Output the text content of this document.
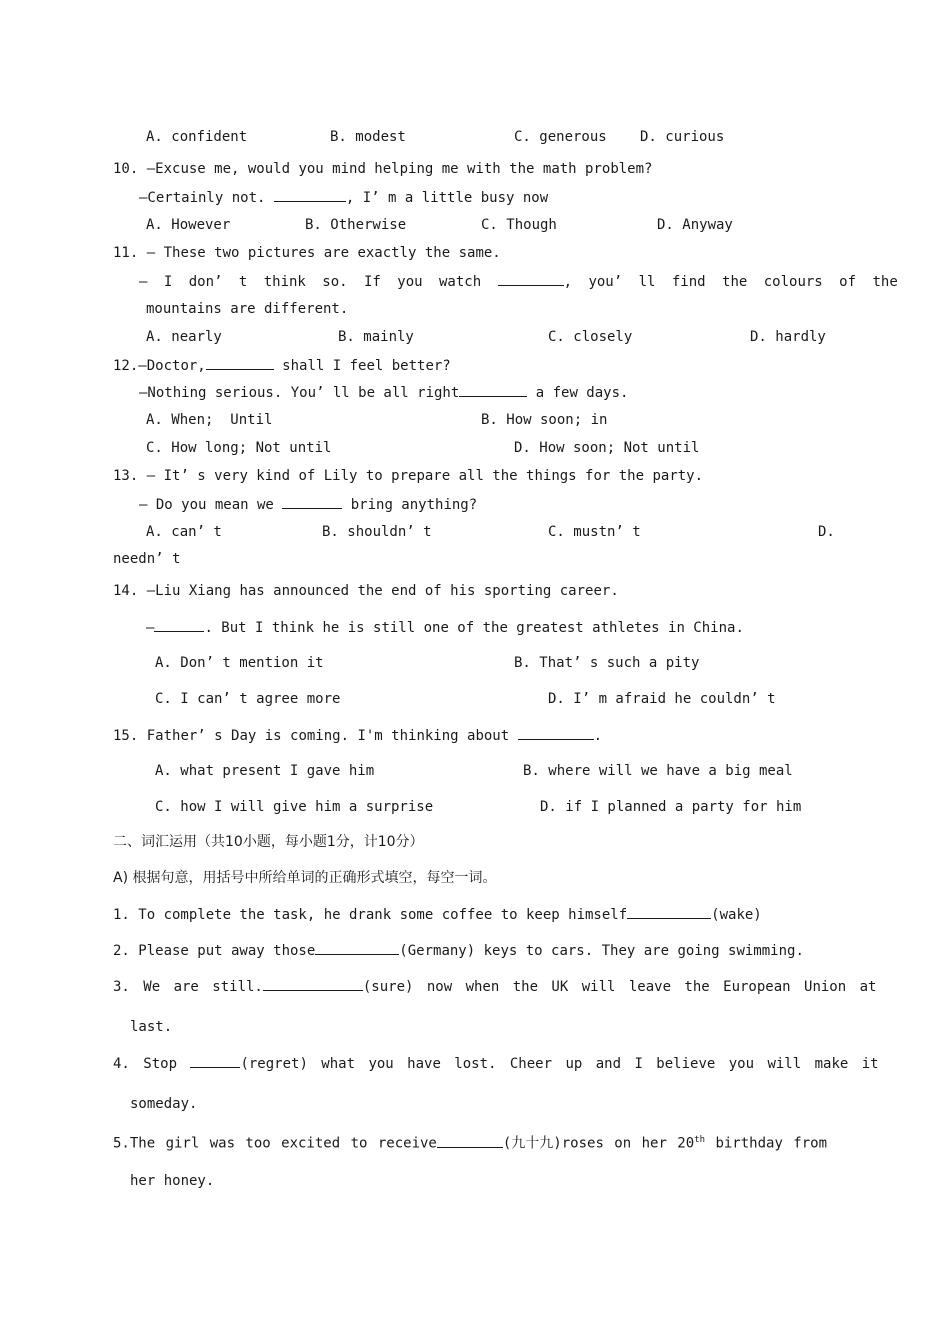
A. confident	B. modest	C. generous D. curious
10. —Excuse me, would you mind helping me with the math problem?
—Certainly not.	, I’ m a little busy now
A. However	B. Otherwise	C. Though	D. Anyway
11. — These two pictures are exactly the same.
— I don’ t think so. If you watch	, you’ ll find the colours of the
mountains are different.
A. nearly	B. mainly	C. closely	D. hardly
12.—Doctor,	shall I feel better?
—Nothing serious. You’ ll be all right	a few days.
A. When;  Until	B. How soon; in
C. How long; Not until	D. How soon; Not until
13. — It’ s very kind of Lily to prepare all the things for the party.
— Do you mean we	bring anything?
A. can’ t	B. shouldn’ t	C. mustn’ t	D.
needn’ t
14. —Liu Xiang has announced the end of his sporting career.
—	. But I think he is still one of the greatest athletes in China.
A. Don’ t mention it	B. That’ s such a pity
C. I can’ t agree more	D. I’ m afraid he couldn’ t
15. Father’ s Day is coming. I'm thinking about	.
A. what present I gave him	B. where will we have a big meal
C. how I will give him a surprise	D. if I planned a party for him
二、词汇运用（共10小题，每小题1分，计10分）
A) 根据句意，用括号中所给单词的正确形式填空，每空一词。
1. To complete the task, he drank some coffee to keep himself	(wake)
2. Please put away those	(Germany) keys to cars. They are going swimming.
3. We are still.	(sure) now when the UK will leave the European Union at
last.
4. Stop	(regret) what you have lost. Cheer up and I believe you will make it
someday.
5.The girl was too excited to receive	(九十九)roses on her 20th birthday from
her honey.
